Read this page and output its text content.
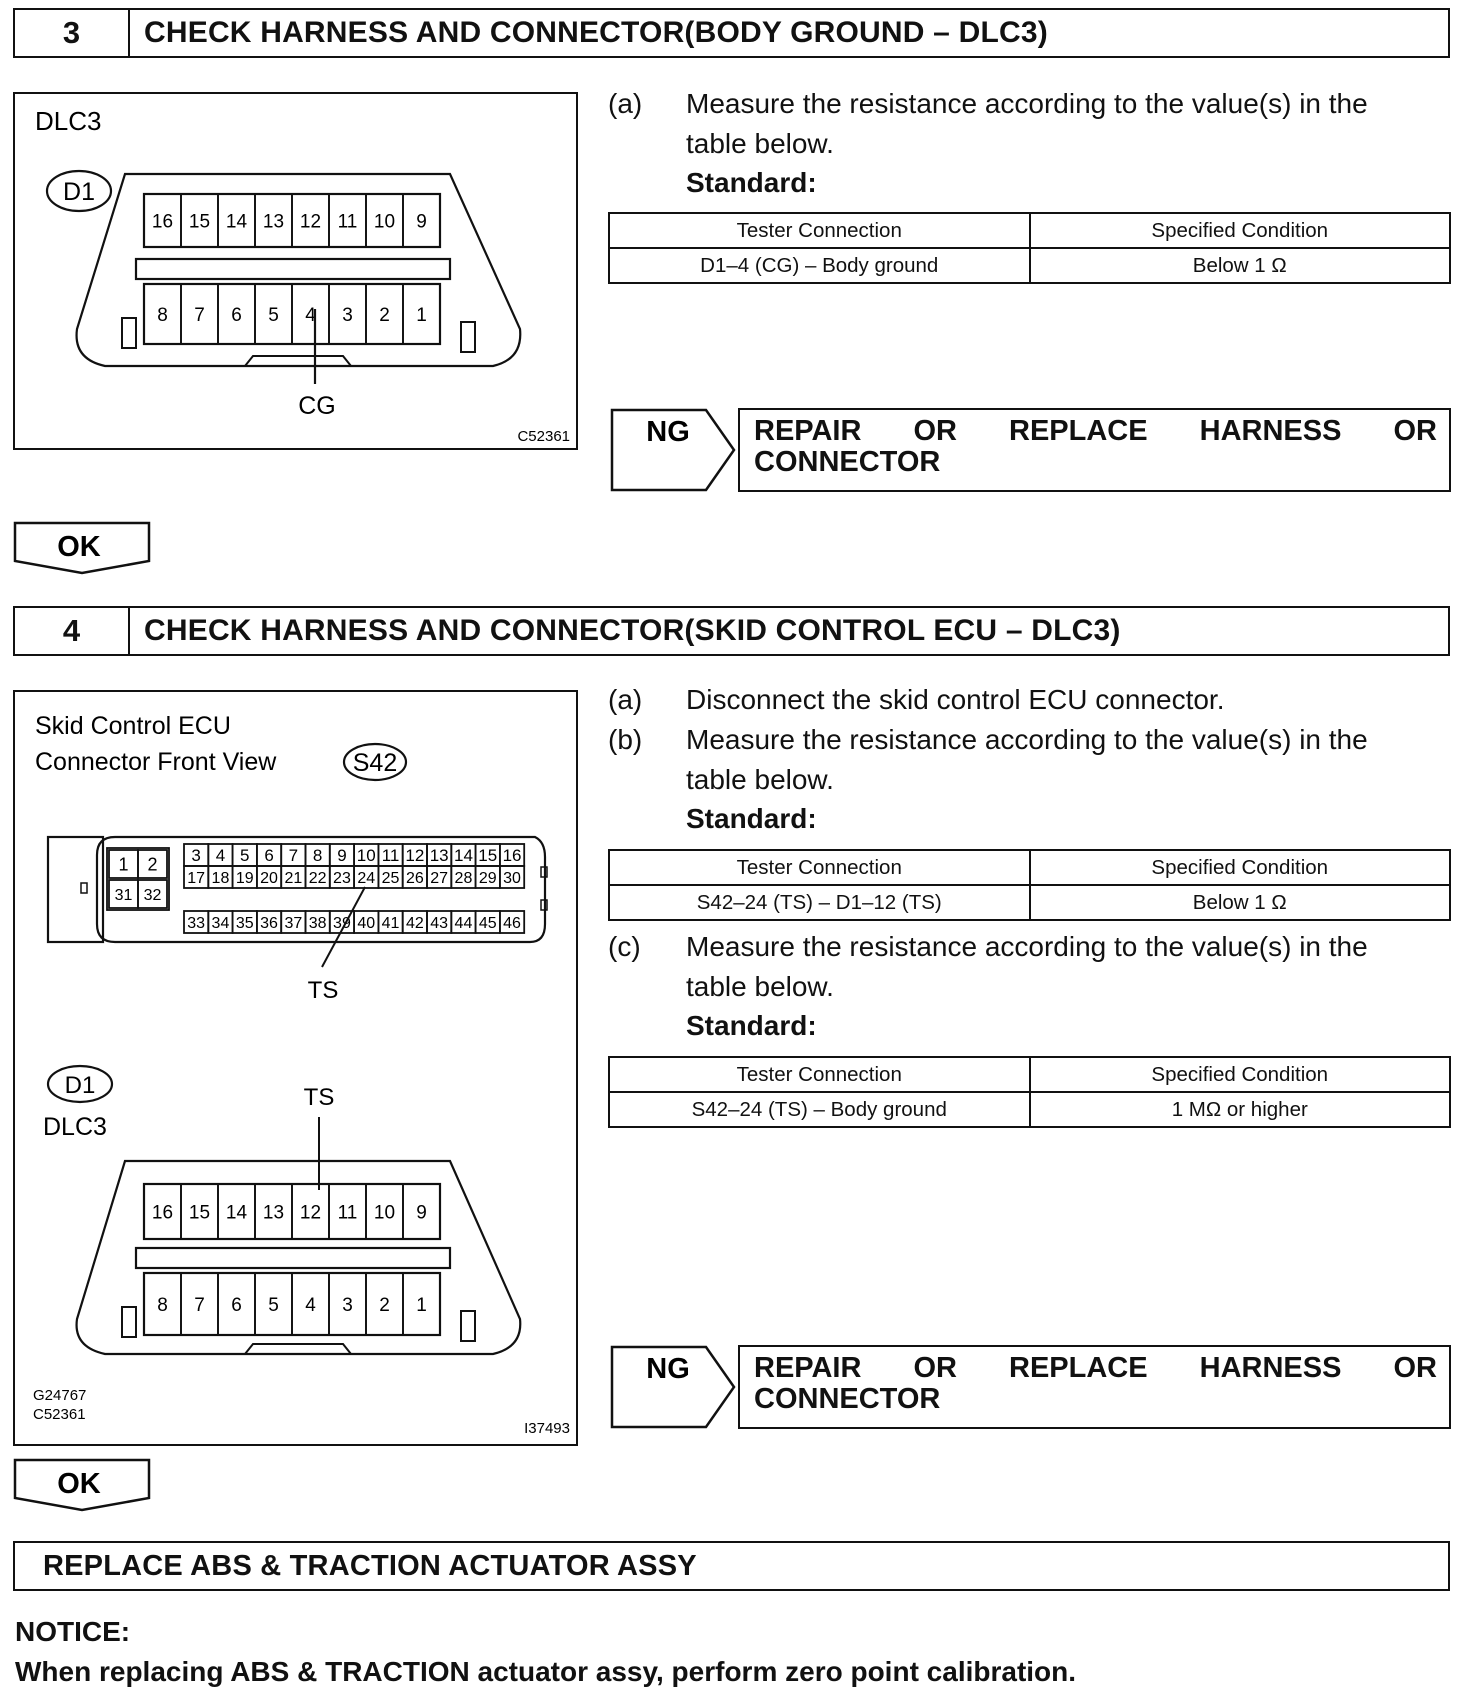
3	CHECK HARNESS AND CONNECTOR(BODY GROUND – DLC3)
DLC3
D1
16 15 14 13 12 11 10 9
8 7 6 5 4 3 2 1
CG
C52361
(a) Measure the resistance according to the value(s) in the
table below.
Standard:
Tester Connection	Specified Condition
D1–4 (CG) – Body ground	Below 1 Ω
NG REPAIR OR REPLACE HARNESS OR
CONNECTOR
OK
4	CHECK HARNESS AND CONNECTOR(SKID CONTROL ECU – DLC3)
Skid Control ECU
Connector Front View	S42
1 2
31 32
3 4 5 6 7 8 9 10 11 12 13 14 15 16
17 18 19 20 21 22 23 24 25 26 27 28 29 30
33 34 35 36 37 38 39 40 41 42 43 44 45 46
TS
D1
DLC3
TS
16 15 14 13 12 11 10 9
8 7 6 5 4 3 2 1
G24767
C52361
I37493
(a) Disconnect the skid control ECU connector.
(b) Measure the resistance according to the value(s) in the
table below.
Standard:
Tester Connection	Specified Condition
S42–24 (TS) – D1–12 (TS)	Below 1 Ω
(c) Measure the resistance according to the value(s) in the
table below.
Standard:
Tester Connection	Specified Condition
S42–24 (TS) – Body ground	1 MΩ or higher
NG REPAIR OR REPLACE HARNESS OR
CONNECTOR
OK
REPLACE ABS & TRACTION ACTUATOR ASSY
NOTICE:
When replacing ABS & TRACTION actuator assy, perform zero point calibration.
